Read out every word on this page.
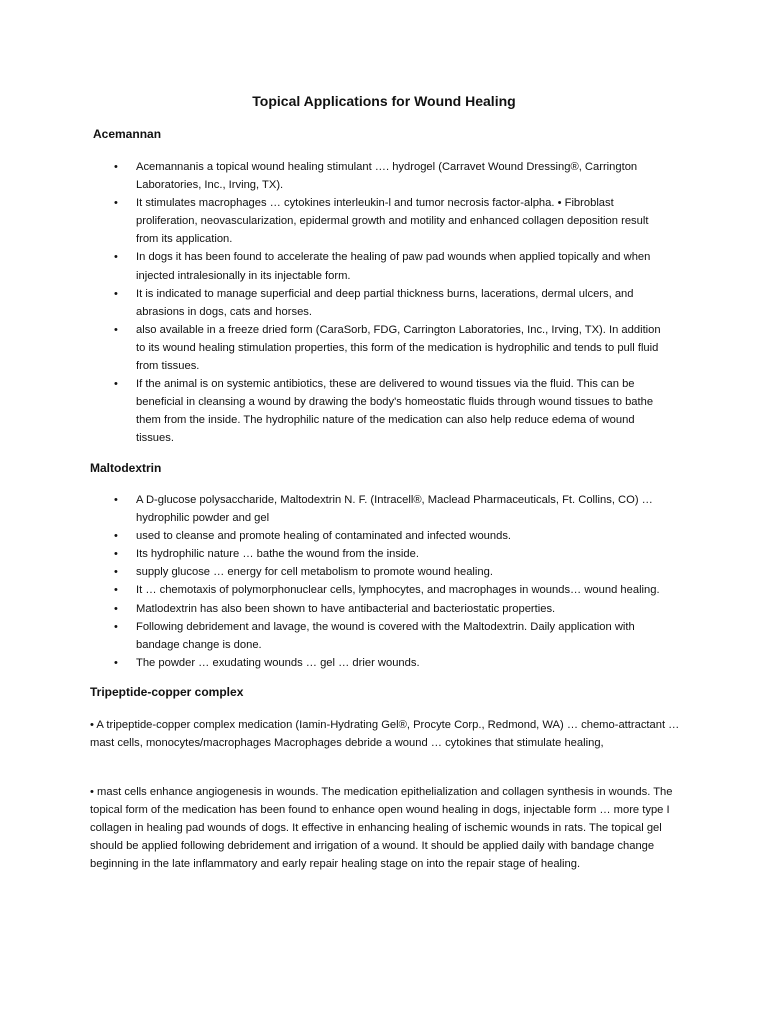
Topical Applications for Wound Healing
Acemannan
• Acemannanis a topical wound healing stimulant …. hydrogel (Carravet Wound Dressing®, Carrington Laboratories, Inc., Irving, TX).
• It stimulates macrophages … cytokines interleukin-l and tumor necrosis factor-alpha. • Fibroblast proliferation, neovascularization, epidermal growth and motility and enhanced collagen deposition result from its application.
• In dogs it has been found to accelerate the healing of paw pad wounds when applied topically and when injected intralesionally in its injectable form.
• It is indicated to manage superficial and deep partial thickness burns, lacerations, dermal ulcers, and abrasions in dogs, cats and horses.
• also available in a freeze dried form (CaraSorb, FDG, Carrington Laboratories, Inc., Irving, TX). In addition to its wound healing stimulation properties, this form of the medication is hydrophilic and tends to pull fluid from tissues.
• If the animal is on systemic antibiotics, these are delivered to wound tissues via the fluid. This can be beneficial in cleansing a wound by drawing the body's homeostatic fluids through wound tissues to bathe them from the inside. The hydrophilic nature of the medication can also help reduce edema of wound tissues.
Maltodextrin
• A D-glucose polysaccharide, Maltodextrin N. F. (Intracell®, Maclead Pharmaceuticals, Ft. Collins, CO) … hydrophilic powder and gel
• used to cleanse and promote healing of contaminated and infected wounds.
• Its hydrophilic nature … bathe the wound from the inside.
• supply glucose … energy for cell metabolism to promote wound healing.
• It … chemotaxis of polymorphonuclear cells, lymphocytes, and macrophages in wounds… wound healing.
• Matlodextrin has also been shown to have antibacterial and bacteriostatic properties.
• Following debridement and lavage, the wound is covered with the Maltodextrin. Daily application with bandage change is done.
• The powder … exudating wounds … gel … drier wounds.
Tripeptide-copper complex

• A tripeptide-copper complex medication (Iamin-Hydrating Gel®, Procyte Corp., Redmond, WA) … chemo-attractant … mast cells, monocytes/macrophages Macrophages debride a wound … cytokines that stimulate healing,

• mast cells enhance angiogenesis in wounds. The medication epithelialization and collagen synthesis in wounds. The topical form of the medication has been found to enhance open wound healing in dogs, injectable form … more type I collagen in healing pad wounds of dogs. It effective in enhancing healing of ischemic wounds in rats. The topical gel should be applied following debridement and irrigation of a wound. It should be applied daily with bandage change beginning in the late inflammatory and early repair healing stage on into the repair stage of healing.
